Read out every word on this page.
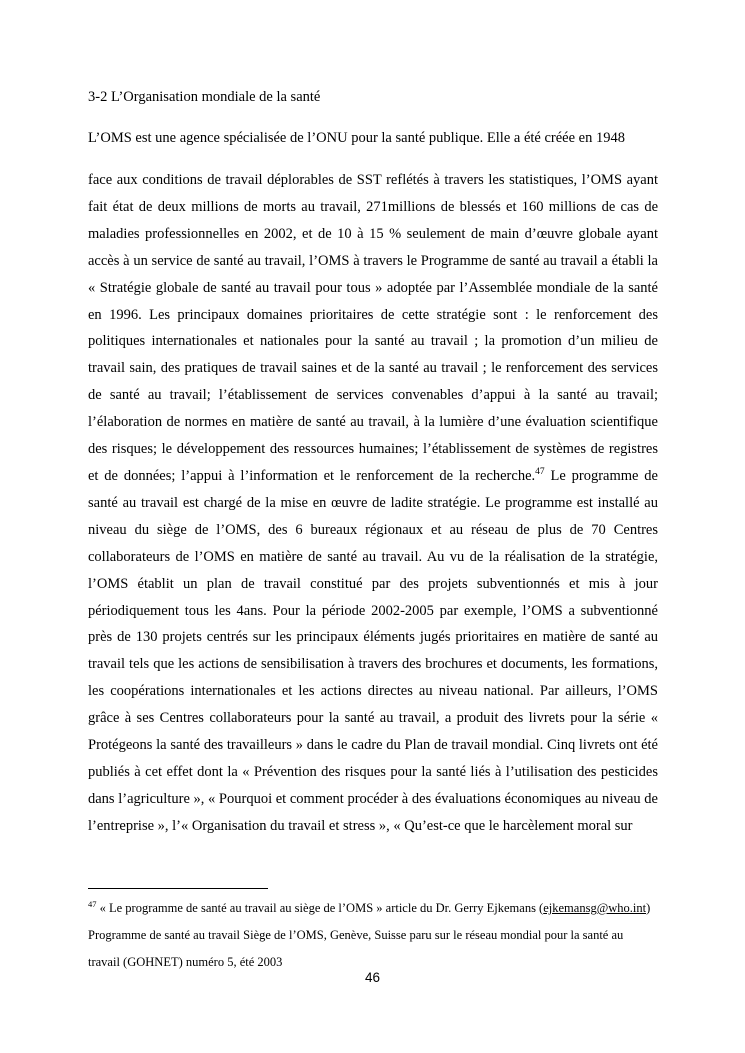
3-2 L’Organisation mondiale de la santé

L’OMS est une agence spécialisée de l’ONU pour la santé publique. Elle a été créée en 1948

face aux conditions de travail déplorables de SST reflétés à travers les statistiques, l’OMS ayant fait état de deux millions de morts au travail, 271millions de blessés et 160 millions de cas de maladies professionnelles en 2002, et de 10 à 15 % seulement de main d’œuvre globale ayant accès à un service de santé au travail, l’OMS à travers le Programme de santé au travail a établi la « Stratégie globale de santé au travail pour tous » adoptée par l’Assemblée mondiale de la santé en 1996. Les principaux domaines prioritaires de cette stratégie sont : le renforcement des politiques internationales et nationales pour la santé au travail ; la promotion d’un milieu de travail sain, des pratiques de travail saines et de la santé au travail ; le renforcement des services de santé au travail; l’établissement de services convenables d’appui à la santé au travail; l’élaboration de normes en matière de santé au travail, à la lumière d’une évaluation scientifique des risques; le développement des ressources humaines; l’établissement de systèmes de registres et de données; l’appui à l’information et le renforcement de la recherche.$^{47}$ Le programme de santé au travail est chargé de la mise en œuvre de ladite stratégie. Le programme est installé au niveau du siège de l’OMS, des 6 bureaux régionaux et au réseau de plus de 70 Centres collaborateurs de l’OMS en matière de santé au travail. Au vu de la réalisation de la stratégie, l’OMS établit un plan de travail constitué par des projets subventionnés et mis à jour périodiquement tous les 4ans. Pour la période 2002-2005 par exemple, l’OMS a subventionné près de 130 projets centrés sur les principaux éléments jugés prioritaires en matière de santé au travail tels que les actions de sensibilisation à travers des brochures et documents, les formations, les coopérations internationales et les actions directes au niveau national. Par ailleurs, l’OMS grâce à ses Centres collaborateurs pour la santé au travail, a produit des livrets pour la série « Protégeons la santé des travailleurs » dans le cadre du Plan de travail mondial. Cinq livrets ont été publiés à cet effet dont la « Prévention des risques pour la santé liés à l’utilisation des pesticides dans l’agriculture », « Pourquoi et comment procéder à des évaluations économiques au niveau de l’entreprise », l’« Organisation du travail et stress », « Qu’est-ce que le harcèlement moral sur

$^{47}$ « Le programme de santé au travail au siège de l’OMS » article du Dr. Gerry Ejkemans (ejkemansg@who.int) Programme de santé au travail Siège de l’OMS, Genève, Suisse paru sur le réseau mondial pour la santé au travail (GOHNET) numéro 5, été 2003

46
